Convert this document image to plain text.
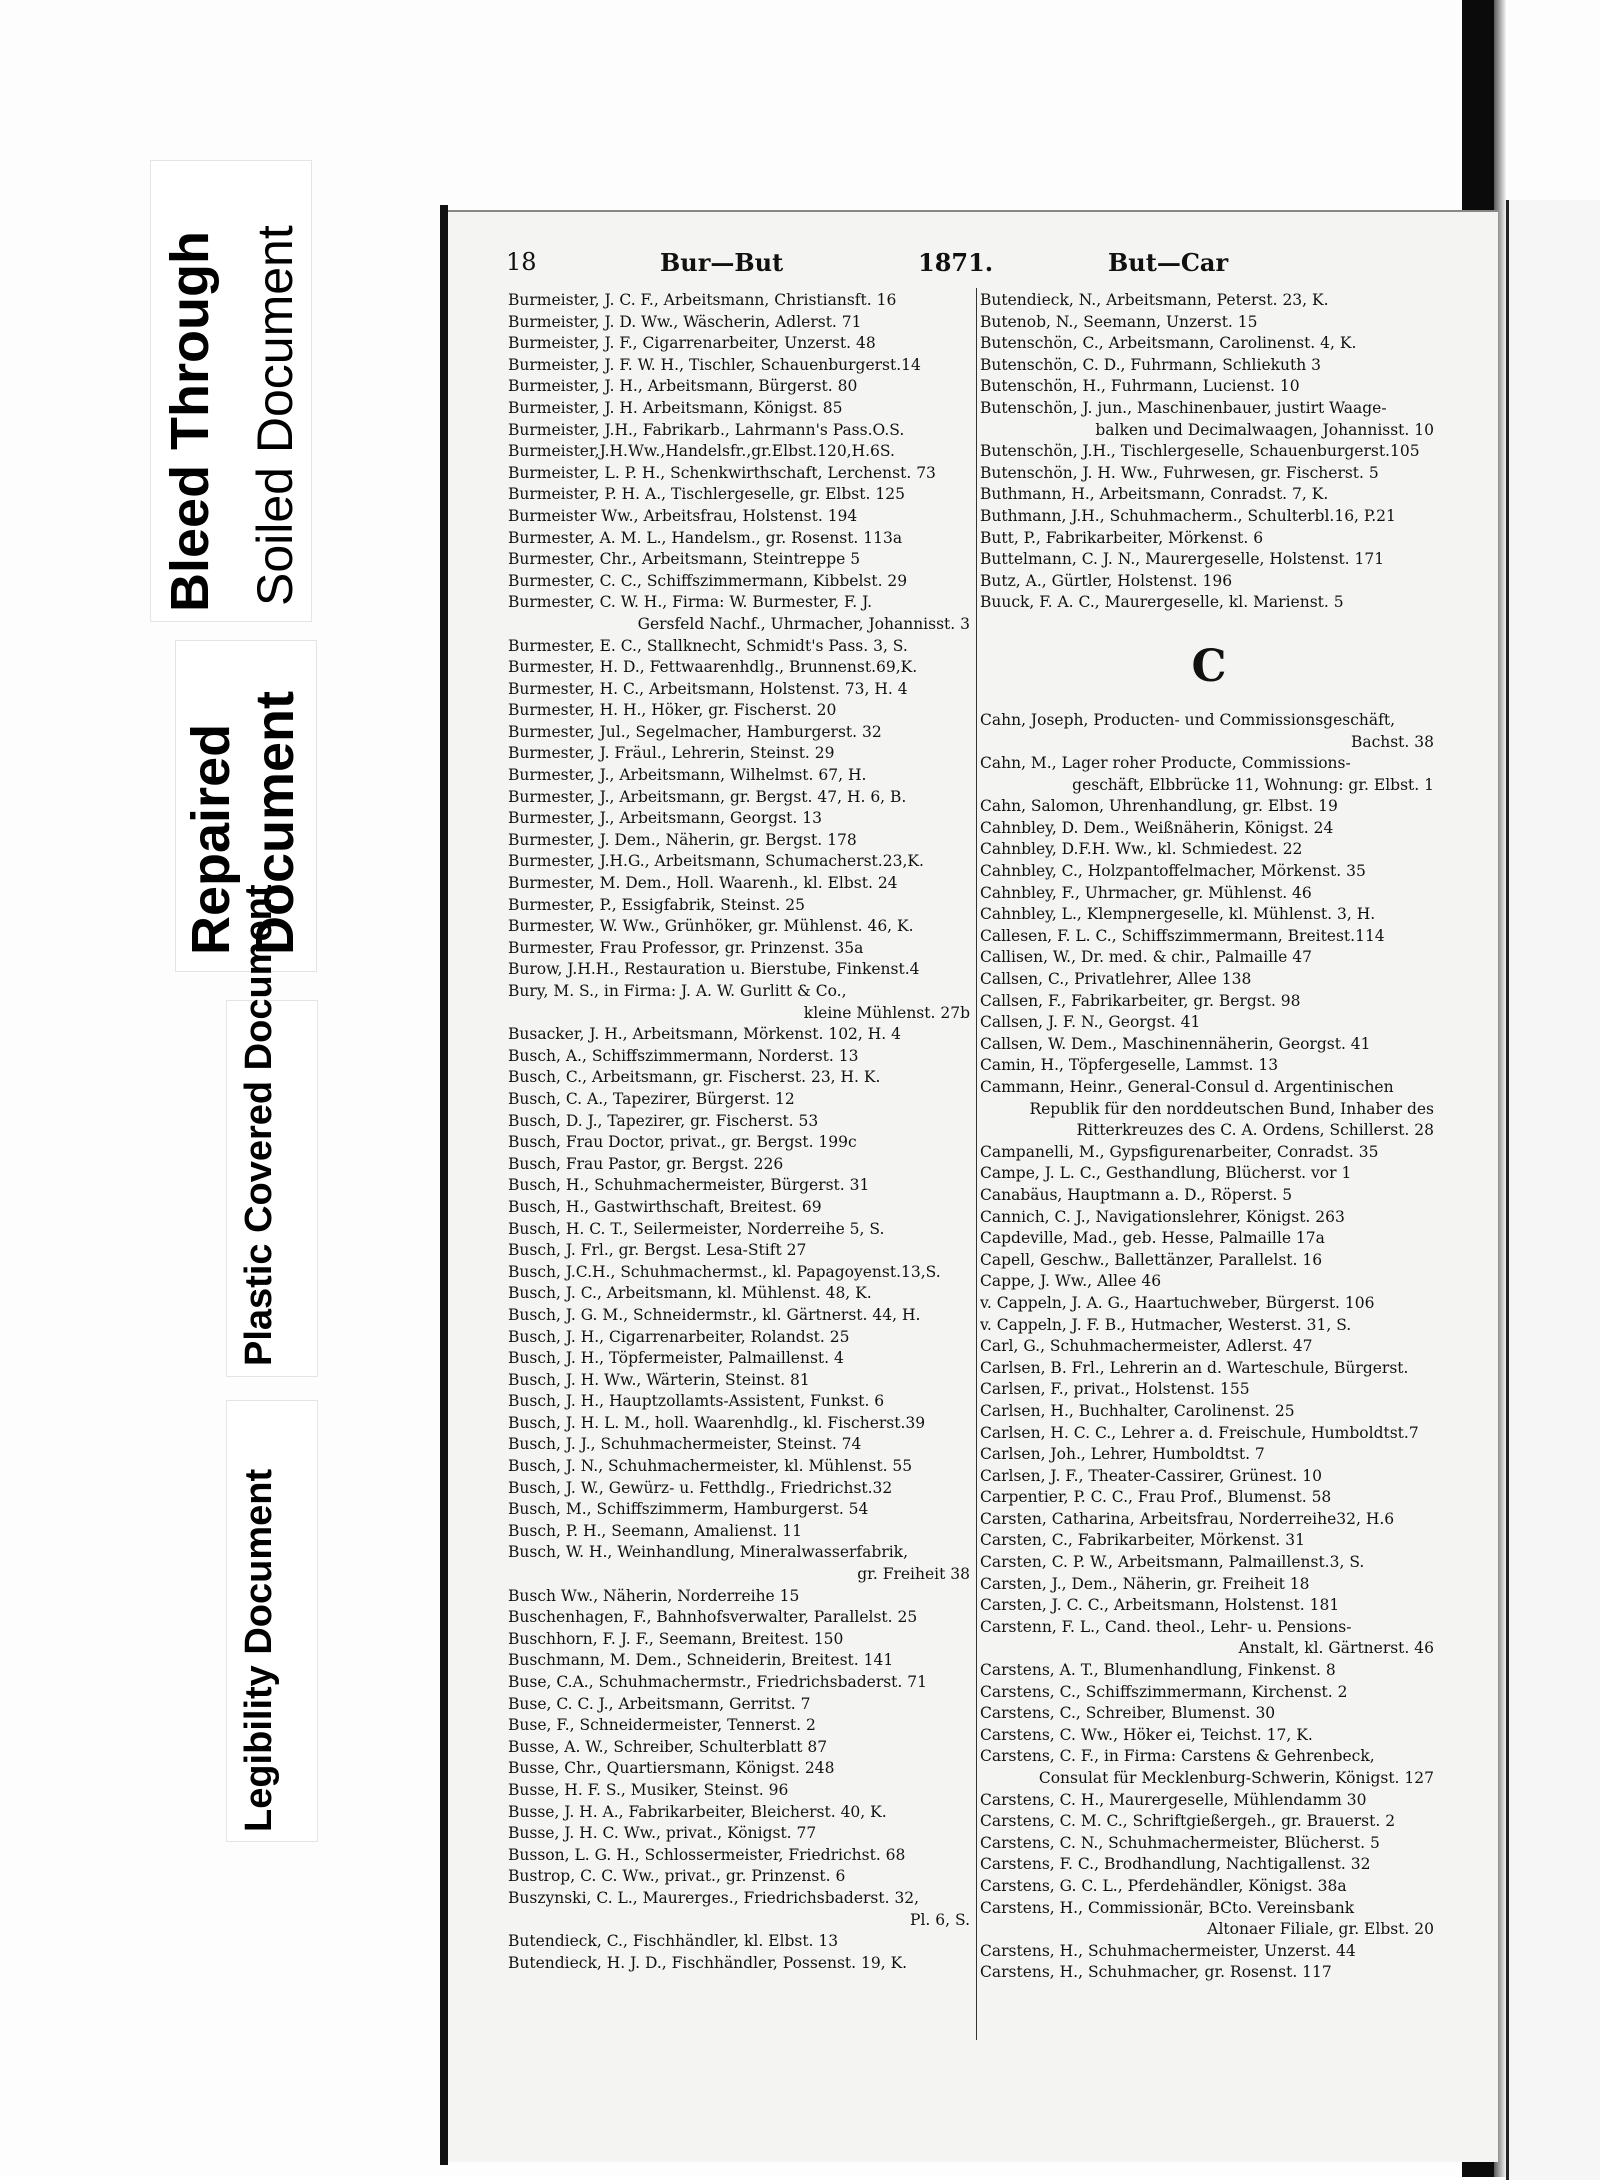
Bleed Through Soiled Document
Repaired Document
Plastic Covered Document
Legibility Document
18	Bur—But	1871.	But—Car
Burmeister, J. C. F., Arbeitsmann, Christiansft. 16
Burmeister, J. D. Ww., Wäscherin, Adlerst. 71
Burmeister, J. F., Cigarrenarbeiter, Unzerst. 48
Burmeister, J. F. W. H., Tischler, Schauenburgerst.14
Burmeister, J. H., Arbeitsmann, Bürgerst. 80
Burmeister, J. H. Arbeitsmann, Königst. 85
Burmeister, J.H., Fabrikarb., Lahrmann's Pass.O.S.
Burmeister,J.H.Ww.,Handelsfr.,gr.Elbst.120,H.6S.
Burmeister, L. P. H., Schenkwirthschaft, Lerchenst. 73
Burmeister, P. H. A., Tischlergeselle, gr. Elbst. 125
Burmeister Ww., Arbeitsfrau, Holstenst. 194
Burmester, A. M. L., Handelsm., gr. Rosenst. 113a
Burmester, Chr., Arbeitsmann, Steintreppe 5
Burmester, C. C., Schiffszimmermann, Kibbelst. 29
Burmester, C. W. H., Firma: W. Burmester, F. J.
Gersfeld Nachf., Uhrmacher, Johannisst. 3
Burmester, E. C., Stallknecht, Schmidt's Pass. 3, S.
Burmester, H. D., Fettwaarenhdlg., Brunnenst.69,K.
Burmester, H. C., Arbeitsmann, Holstenst. 73, H. 4
Burmester, H. H., Höker, gr. Fischerst. 20
Burmester, Jul., Segelmacher, Hamburgerst. 32
Burmester, J. Fräul., Lehrerin, Steinst. 29
Burmester, J., Arbeitsmann, Wilhelmst. 67, H.
Burmester, J., Arbeitsmann, gr. Bergst. 47, H. 6, B.
Burmester, J., Arbeitsmann, Georgst. 13
Burmester, J. Dem., Näherin, gr. Bergst. 178
Burmester, J.H.G., Arbeitsmann, Schumacherst.23,K.
Burmester, M. Dem., Holl. Waarenh., kl. Elbst. 24
Burmester, P., Essigfabrik, Steinst. 25
Burmester, W. Ww., Grünhöker, gr. Mühlenst. 46, K.
Burmester, Frau Professor, gr. Prinzenst. 35a
Burow, J.H.H., Restauration u. Bierstube, Finkenst.4
Bury, M. S., in Firma: J. A. W. Gurlitt & Co.,
kleine Mühlenst. 27b
Busacker, J. H., Arbeitsmann, Mörkenst. 102, H. 4
Busch, A., Schiffszimmermann, Norderst. 13
Busch, C., Arbeitsmann, gr. Fischerst. 23, H. K.
Busch, C. A., Tapezirer, Bürgerst. 12
Busch, D. J., Tapezirer, gr. Fischerst. 53
Busch, Frau Doctor, privat., gr. Bergst. 199c
Busch, Frau Pastor, gr. Bergst. 226
Busch, H., Schuhmachermeister, Bürgerst. 31
Busch, H., Gastwirthschaft, Breitest. 69
Busch, H. C. T., Seilermeister, Norderreihe 5, S.
Busch, J. Frl., gr. Bergst. Lesa-Stift 27
Busch, J.C.H., Schuhmachermst., kl. Papagoyenst.13,S.
Busch, J. C., Arbeitsmann, kl. Mühlenst. 48, K.
Busch, J. G. M., Schneidermstr., kl. Gärtnerst. 44, H.
Busch, J. H., Cigarrenarbeiter, Rolandst. 25
Busch, J. H., Töpfermeister, Palmaillenst. 4
Busch, J. H. Ww., Wärterin, Steinst. 81
Busch, J. H., Hauptzollamts-Assistent, Funkst. 6
Busch, J. H. L. M., holl. Waarenhdlg., kl. Fischerst.39
Busch, J. J., Schuhmachermeister, Steinst. 74
Busch, J. N., Schuhmachermeister, kl. Mühlenst. 55
Busch, J. W., Gewürz- u. Fetthdlg., Friedrichst.32
Busch, M., Schiffszimmerm, Hamburgerst. 54
Busch, P. H., Seemann, Amalienst. 11
Busch, W. H., Weinhandlung, Mineralwasserfabrik,
gr. Freiheit 38
Busch Ww., Näherin, Norderreihe 15
Buschenhagen, F., Bahnhofsverwalter, Parallelst. 25
Buschhorn, F. J. F., Seemann, Breitest. 150
Buschmann, M. Dem., Schneiderin, Breitest. 141
Buse, C.A., Schuhmachermstr., Friedrichsbaderst. 71
Buse, C. C. J., Arbeitsmann, Gerritst. 7
Buse, F., Schneidermeister, Tennerst. 2
Busse, A. W., Schreiber, Schulterblatt 87
Busse, Chr., Quartiersmann, Königst. 248
Busse, H. F. S., Musiker, Steinst. 96
Busse, J. H. A., Fabrikarbeiter, Bleicherst. 40, K.
Busse, J. H. C. Ww., privat., Königst. 77
Busson, L. G. H., Schlossermeister, Friedrichst. 68
Bustrop, C. C. Ww., privat., gr. Prinzenst. 6
Buszynski, C. L., Maurerges., Friedrichsbaderst. 32,
Pl. 6, S.
Butendieck, C., Fischhändler, kl. Elbst. 13
Butendieck, H. J. D., Fischhändler, Possenst. 19, K.
Butendieck, N., Arbeitsmann, Peterst. 23, K.
Butenob, N., Seemann, Unzerst. 15
Butenschön, C., Arbeitsmann, Carolinenst. 4, K.
Butenschön, C. D., Fuhrmann, Schliekuth 3
Butenschön, H., Fuhrmann, Lucienst. 10
Butenschön, J. jun., Maschinenbauer, justirt Waage-
balken und Decimalwaagen, Johannisst. 10
Butenschön, J.H., Tischlergeselle, Schauenburgerst.105
Butenschön, J. H. Ww., Fuhrwesen, gr. Fischerst. 5
Buthmann, H., Arbeitsmann, Conradst. 7, K.
Buthmann, J.H., Schuhmacherm., Schulterbl.16, P.21
Butt, P., Fabrikarbeiter, Mörkenst. 6
Buttelmann, C. J. N., Maurergeselle, Holstenst. 171
Butz, A., Gürtler, Holstenst. 196
Buuck, F. A. C., Maurergeselle, kl. Marienst. 5
C
Cahn, Joseph, Producten- und Commissionsgeschäft,
Bachst. 38
Cahn, M., Lager roher Producte, Commissions-
geschäft, Elbbrücke 11, Wohnung: gr. Elbst. 1
Cahn, Salomon, Uhrenhandlung, gr. Elbst. 19
Cahnbley, D. Dem., Weißnäherin, Königst. 24
Cahnbley, D.F.H. Ww., kl. Schmiedest. 22
Cahnbley, C., Holzpantoffelmacher, Mörkenst. 35
Cahnbley, F., Uhrmacher, gr. Mühlenst. 46
Cahnbley, L., Klempnergeselle, kl. Mühlenst. 3, H.
Callesen, F. L. C., Schiffszimmermann, Breitest.114
Callisen, W., Dr. med. & chir., Palmaille 47
Callsen, C., Privatlehrer, Allee 138
Callsen, F., Fabrikarbeiter, gr. Bergst. 98
Callsen, J. F. N., Georgst. 41
Callsen, W. Dem., Maschinennäherin, Georgst. 41
Camin, H., Töpfergeselle, Lammst. 13
Cammann, Heinr., General-Consul d. Argentinischen
Republik für den norddeutschen Bund, Inhaber des
Ritterkreuzes des C. A. Ordens, Schillerst. 28
Campanelli, M., Gypsfigurenarbeiter, Conradst. 35
Campe, J. L. C., Gesthandlung, Blücherst. vor 1
Canabäus, Hauptmann a. D., Röperst. 5
Cannich, C. J., Navigationslehrer, Königst. 263
Capdeville, Mad., geb. Hesse, Palmaille 17a
Capell, Geschw., Ballettänzer, Parallelst. 16
Cappe, J. Ww., Allee 46
v. Cappeln, J. A. G., Haartuchweber, Bürgerst. 106
v. Cappeln, J. F. B., Hutmacher, Westerst. 31, S.
Carl, G., Schuhmachermeister, Adlerst. 47
Carlsen, B. Frl., Lehrerin an d. Warteschule, Bürgerst.
Carlsen, F., privat., Holstenst. 155
Carlsen, H., Buchhalter, Carolinenst. 25
Carlsen, H. C. C., Lehrer a. d. Freischule, Humboldtst.7
Carlsen, Joh., Lehrer, Humboldtst. 7
Carlsen, J. F., Theater-Cassirer, Grünest. 10
Carpentier, P. C. C., Frau Prof., Blumenst. 58
Carsten, Catharina, Arbeitsfrau, Norderreihe32, H.6
Carsten, C., Fabrikarbeiter, Mörkenst. 31
Carsten, C. P. W., Arbeitsmann, Palmaillenst.3, S.
Carsten, J., Dem., Näherin, gr. Freiheit 18
Carsten, J. C. C., Arbeitsmann, Holstenst. 181
Carstenn, F. L., Cand. theol., Lehr- u. Pensions-
Anstalt, kl. Gärtnerst. 46
Carstens, A. T., Blumenhandlung, Finkenst. 8
Carstens, C., Schiffszimmermann, Kirchenst. 2
Carstens, C., Schreiber, Blumenst. 30
Carstens, C. Ww., Höker ei, Teichst. 17, K.
Carstens, C. F., in Firma: Carstens & Gehrenbeck,
Consulat für Mecklenburg-Schwerin, Königst. 127
Carstens, C. H., Maurergeselle, Mühlendamm 30
Carstens, C. M. C., Schriftgießergeh., gr. Brauerst. 2
Carstens, C. N., Schuhmachermeister, Blücherst. 5
Carstens, F. C., Brodhandlung, Nachtigallenst. 32
Carstens, G. C. L., Pferdehändler, Königst. 38a
Carstens, H., Commissionär, BCto. Vereinsbank
Altonaer Filiale, gr. Elbst. 20
Carstens, H., Schuhmachermeister, Unzerst. 44
Carstens, H., Schuhmacher, gr. Rosenst. 117
